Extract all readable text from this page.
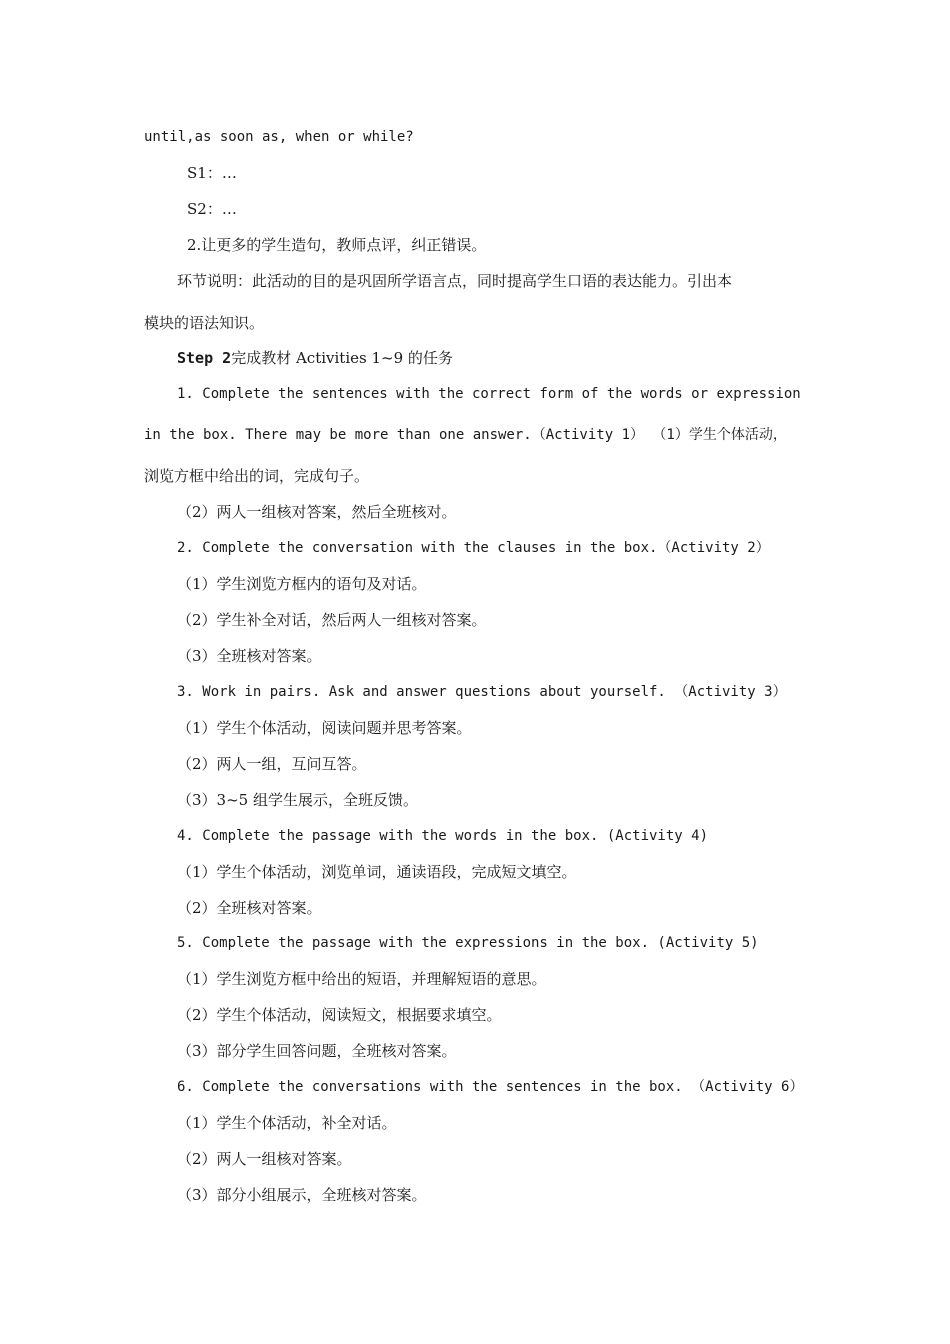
until,as soon as, when or while?
S1：…
S2：…
2.让更多的学生造句，教师点评，纠正错误。
环节说明：此活动的目的是巩固所学语言点，同时提高学生口语的表达能力。引出本
模块的语法知识。
Step 2完成教材 Activities 1~9 的任务
1. Complete the sentences with the correct form of the words or expression
in the box. There may be more than one answer.（Activity 1） （1）学生个体活动，
浏览方框中给出的词，完成句子。
（2）两人一组核对答案，然后全班核对。
2. Complete the conversation with the clauses in the box.（Activity 2）
（1）学生浏览方框内的语句及对话。
（2）学生补全对话，然后两人一组核对答案。
（3）全班核对答案。
3. Work in pairs. Ask and answer questions about yourself. （Activity 3）
（1）学生个体活动，阅读问题并思考答案。
（2）两人一组，互问互答。
（3）3~5 组学生展示，全班反馈。
4. Complete the passage with the words in the box. (Activity 4)
（1）学生个体活动，浏览单词，通读语段，完成短文填空。
（2）全班核对答案。
5. Complete the passage with the expressions in the box. (Activity 5)
（1）学生浏览方框中给出的短语，并理解短语的意思。
（2）学生个体活动，阅读短文，根据要求填空。
（3）部分学生回答问题，全班核对答案。
6. Complete the conversations with the sentences in the box. （Activity 6）
（1）学生个体活动，补全对话。
（2）两人一组核对答案。
（3）部分小组展示，全班核对答案。
